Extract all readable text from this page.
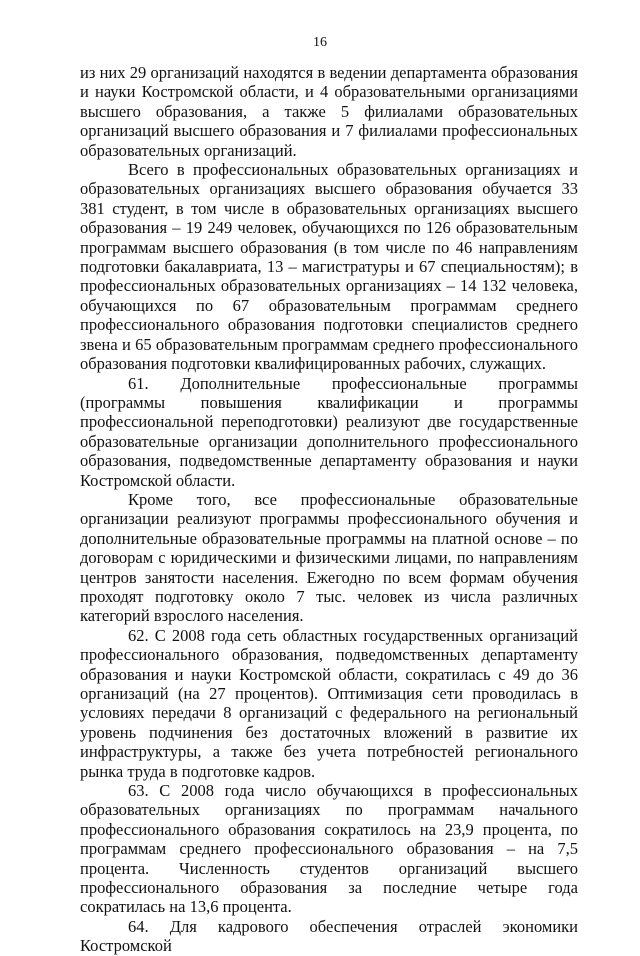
16

из них 29 организаций находятся в ведении департамента образования и науки Костромской области, и 4 образовательными организациями высшего образования, а также 5 филиалами образовательных организаций высшего образования и 7 филиалами профессиональных образовательных организаций.

Всего в профессиональных образовательных организациях и образовательных организациях высшего образования обучается 33 381 студент, в том числе в образовательных организациях высшего образования – 19 249 человек, обучающихся по 126 образовательным программам высшего образования (в том числе по 46 направлениям подготовки бакалавриата, 13 – магистратуры и 67 специальностям); в профессиональных образовательных организациях – 14 132 человека, обучающихся по 67 образовательным программам среднего профессионального образования подготовки специалистов среднего звена и 65 образовательным программам среднего профессионального образования подготовки квалифицированных рабочих, служащих.

61. Дополнительные профессиональные программы (программы повышения квалификации и программы профессиональной переподготовки) реализуют две государственные образовательные организации дополнительного профессионального образования, подведомственные департаменту образования и науки Костромской области.

Кроме того, все профессиональные образовательные организации реализуют программы профессионального обучения и дополнительные образовательные программы на платной основе – по договорам с юридическими и физическими лицами, по направлениям центров занятости населения. Ежегодно по всем формам обучения проходят подготовку около 7 тыс. человек из числа различных категорий взрослого населения.

62. С 2008 года сеть областных государственных организаций профессионального образования, подведомственных департаменту образования и науки Костромской области, сократилась с 49 до 36 организаций (на 27 процентов). Оптимизация сети проводилась в условиях передачи 8 организаций с федерального на региональный уровень подчинения без достаточных вложений в развитие их инфраструктуры, а также без учета потребностей регионального рынка труда в подготовке кадров.

63. С 2008 года число обучающихся в профессиональных образовательных организациях по программам начального профессионального образования сократилось на 23,9 процента, по программам среднего профессионального образования – на 7,5 процента. Численность студентов организаций высшего профессионального образования за последние четыре года сократилась на 13,6 процента.

64. Для кадрового обеспечения отраслей экономики Костромской
